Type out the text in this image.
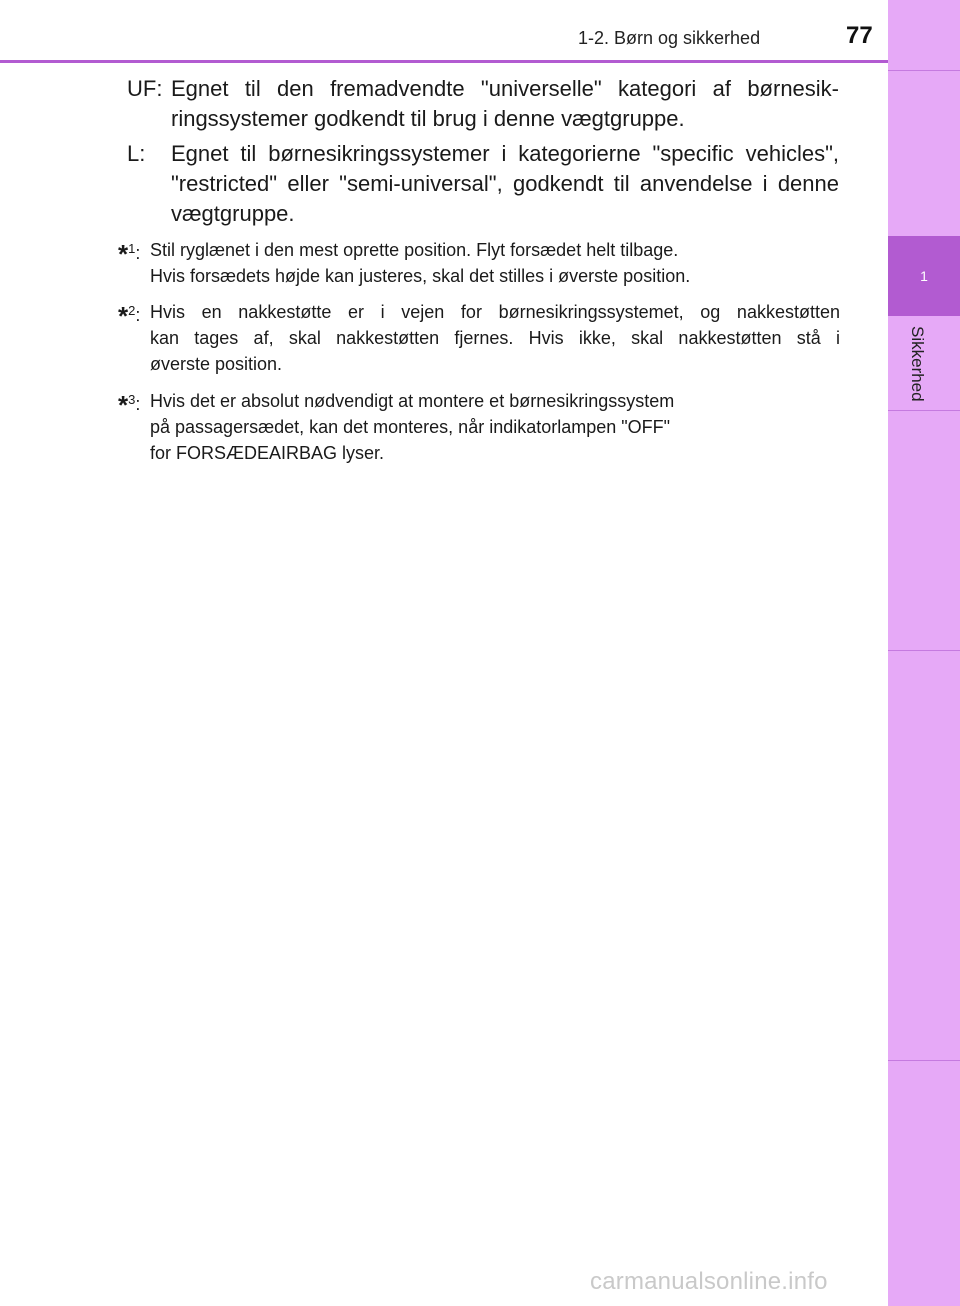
1-2. Børn og sikkerhed	77
1
Sikkerhed
UF: Egnet til den fremadvendte "universelle" kategori af børnesik-
ringssystemer godkendt til brug i denne vægtgruppe.
L: Egnet til børnesikringssystemer i kategorierne "specific vehicles",
"restricted" eller "semi-universal", godkendt til anvendelse i denne
vægtgruppe.
*$^1$: Stil ryglænet i den mest oprette position. Flyt forsædet helt tilbage.
Hvis forsædets højde kan justeres, skal det stilles i øverste position.
*$^2$: Hvis en nakkestøtte er i vejen for børnesikringssystemet, og nakkestøtten
kan tages af, skal nakkestøtten fjernes. Hvis ikke, skal nakkestøtten stå i
øverste position.
*$^3$: Hvis det er absolut nødvendigt at montere et børnesikringssystem
på passagersædet, kan det monteres, når indikatorlampen "OFF"
for FORSÆDEAIRBAG lyser.
carmanualsonline.info
